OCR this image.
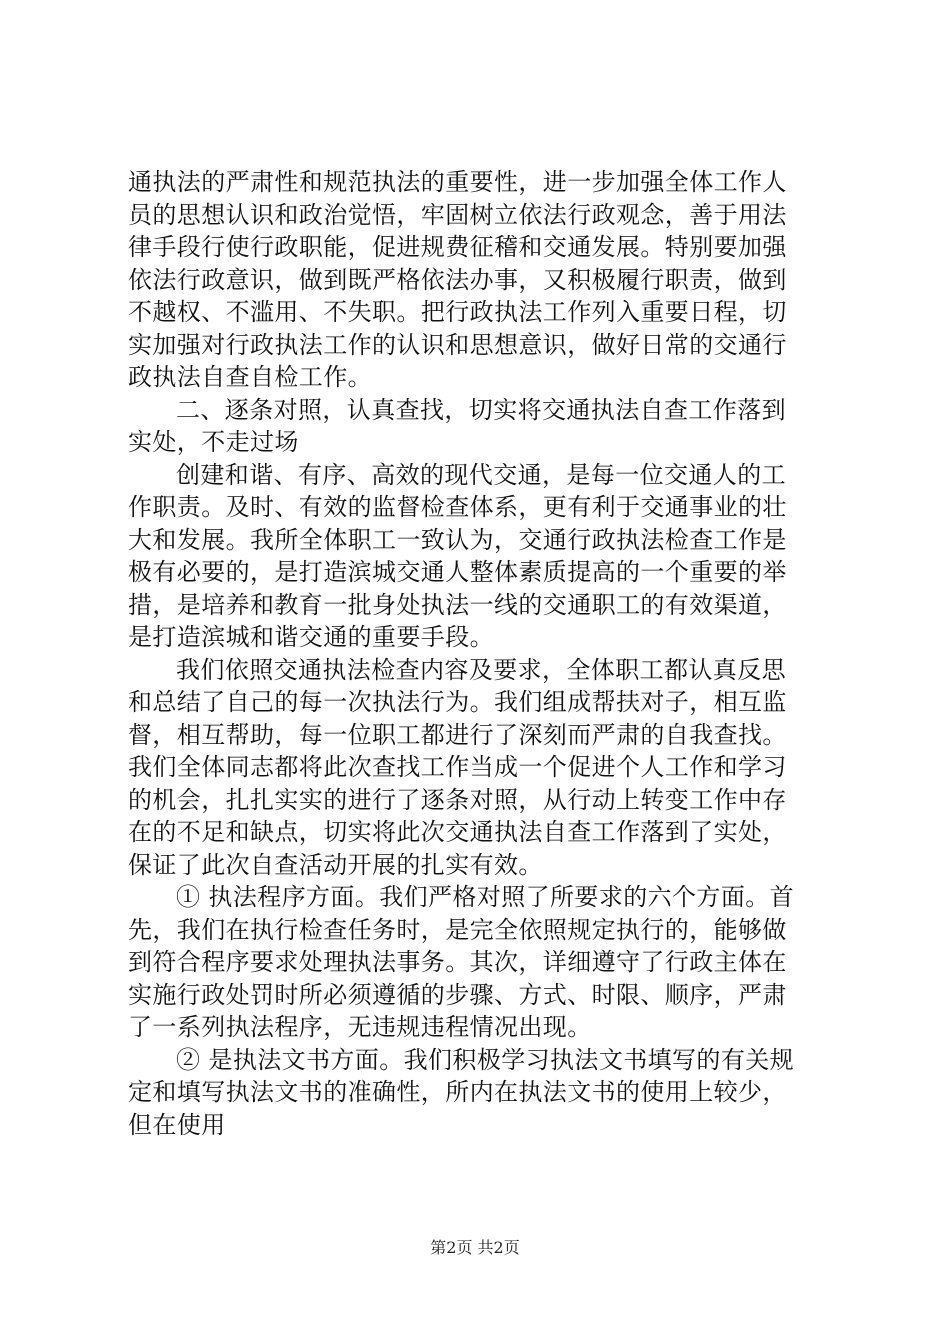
通执法的严肃性和规范执法的重要性，进一步加强全体工作人
员的思想认识和政治觉悟，牢固树立依法行政观念，善于用法
律手段行使行政职能，促进规费征稽和交通发展。特别要加强
依法行政意识，做到既严格依法办事，又积极履行职责，做到
不越权、不滥用、不失职。把行政执法工作列入重要日程，切
实加强对行政执法工作的认识和思想意识，做好日常的交通行
政执法自查自检工作。
二、逐条对照，认真查找，切实将交通执法自查工作落到
实处，不走过场
创建和谐、有序、高效的现代交通，是每一位交通人的工
作职责。及时、有效的监督检查体系，更有利于交通事业的壮
大和发展。我所全体职工一致认为，交通行政执法检查工作是
极有必要的，是打造滨城交通人整体素质提高的一个重要的举
措，是培养和教育一批身处执法一线的交通职工的有效渠道，
是打造滨城和谐交通的重要手段。
我们依照交通执法检查内容及要求，全体职工都认真反思
和总结了自己的每一次执法行为。我们组成帮扶对子，相互监
督，相互帮助，每一位职工都进行了深刻而严肃的自我查找。
我们全体同志都将此次查找工作当成一个促进个人工作和学习
的机会，扎扎实实的进行了逐条对照，从行动上转变工作中存
在的不足和缺点，切实将此次交通执法自查工作落到了实处，
保证了此次自查活动开展的扎实有效。
① 执法程序方面。我们严格对照了所要求的六个方面。首
先，我们在执行检查任务时，是完全依照规定执行的，能够做
到符合程序要求处理执法事务。其次，详细遵守了行政主体在
实施行政处罚时所必须遵循的步骤、方式、时限、顺序，严肃
了一系列执法程序，无违规违程情况出现。
② 是执法文书方面。我们积极学习执法文书填写的有关规
定和填写执法文书的准确性，所内在执法文书的使用上较少，
但在使用
第2页 共2页
